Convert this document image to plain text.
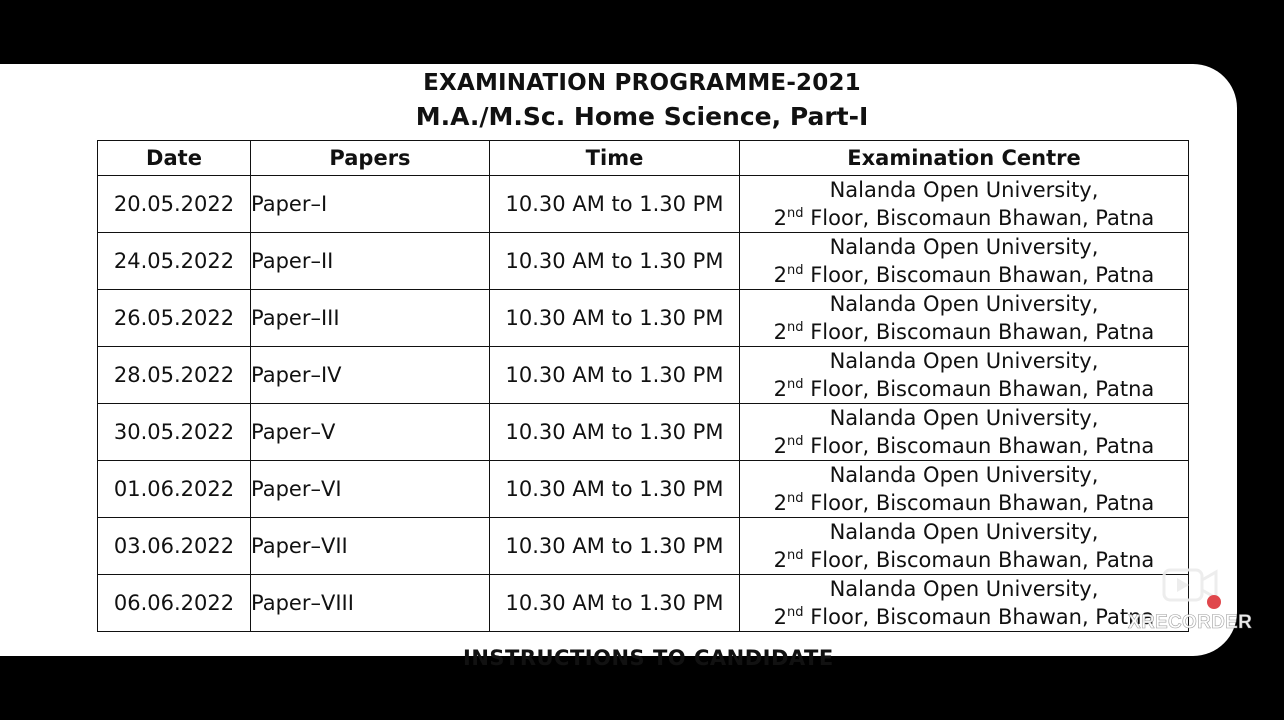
EXAMINATION PROGRAMME-2021
M.A./M.Sc. Home Science, Part-I
Date	Papers	Time	Examination Centre
20.05.2022	Paper–I	10.30 AM to 1.30 PM	Nalanda Open University,
2nd Floor, Biscomaun Bhawan, Patna

24.05.2022	Paper–II	10.30 AM to 1.30 PM	Nalanda Open University,
2nd Floor, Biscomaun Bhawan, Patna

26.05.2022	Paper–III	10.30 AM to 1.30 PM	Nalanda Open University,
2nd Floor, Biscomaun Bhawan, Patna

28.05.2022	Paper–IV	10.30 AM to 1.30 PM	Nalanda Open University,
2nd Floor, Biscomaun Bhawan, Patna

30.05.2022	Paper–V	10.30 AM to 1.30 PM	Nalanda Open University,
2nd Floor, Biscomaun Bhawan, Patna

01.06.2022	Paper–VI	10.30 AM to 1.30 PM	Nalanda Open University,
2nd Floor, Biscomaun Bhawan, Patna

03.06.2022	Paper–VII	10.30 AM to 1.30 PM	Nalanda Open University,
2nd Floor, Biscomaun Bhawan, Patna

06.06.2022	Paper–VIII	10.30 AM to 1.30 PM	Nalanda Open University,
2nd Floor, Biscomaun Bhawan, Patna
INSTRUCTIONS TO CANDIDATE
XRECORDER
